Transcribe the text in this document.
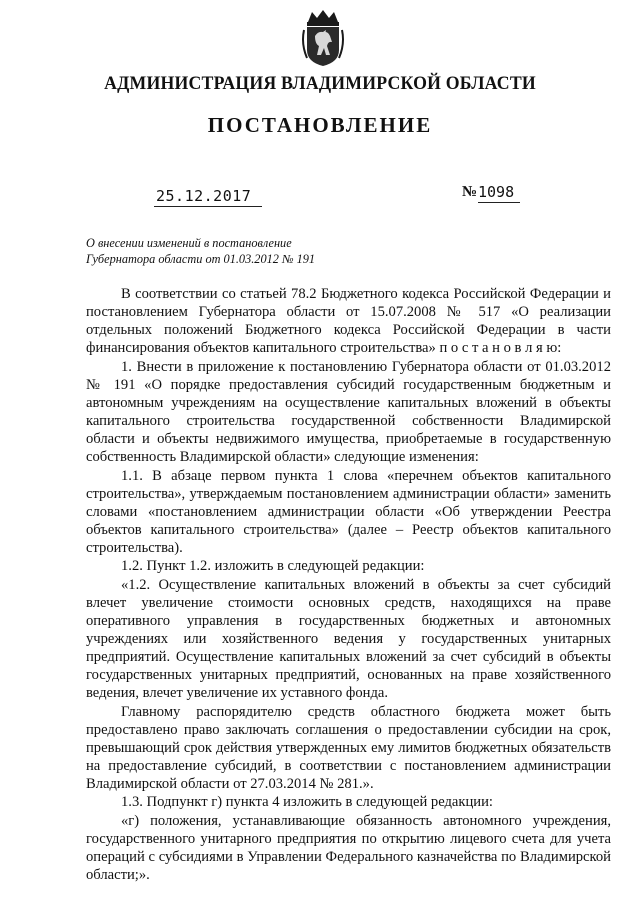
АДМИНИСТРАЦИЯ ВЛАДИМИРСКОЙ ОБЛАСТИ
ПОСТАНОВЛЕНИЕ
25.12.2017	№ 1098
О внесении изменений в постановление
Губернатора области от 01.03.2012 № 191

В соответствии со статьей 78.2 Бюджетного кодекса Российской Федерации и постановлением Губернатора области от 15.07.2008 № 517 «О реализации отдельных положений Бюджетного кодекса Российской Федерации в части финансирования объектов капитального строительства» п о с т а н о в л я ю:

1. Внести в приложение к постановлению Губернатора области от 01.03.2012 № 191 «О порядке предоставления субсидий государственным бюджетным и автономным учреждениям на осуществление капитальных вложений в объекты капитального строительства государственной собственности Владимирской области и объекты недвижимого имущества, приобретаемые в государственную собственность Владимирской области» следующие изменения:

1.1. В абзаце первом пункта 1 слова «перечнем объектов капитального строительства», утверждаемым постановлением администрации области» заменить словами «постановлением администрации области «Об утверждении Реестра объектов капитального строительства» (далее – Реестр объектов капитального строительства).

1.2. Пункт 1.2. изложить в следующей редакции:

«1.2. Осуществление капитальных вложений в объекты за счет субсидий влечет увеличение стоимости основных средств, находящихся на праве оперативного управления в государственных бюджетных и автономных учреждениях или хозяйственного ведения у государственных унитарных предприятий. Осуществление капитальных вложений за счет субсидий в объекты государственных унитарных предприятий, основанных на праве хозяйственного ведения, влечет увеличение их уставного фонда.

Главному распорядителю средств областного бюджета может быть предоставлено право заключать соглашения о предоставлении субсидии на срок, превышающий срок действия утвержденных ему лимитов бюджетных обязательств на предоставление субсидий, в соответствии с постановлением администрации Владимирской области от 27.03.2014 № 281.».

1.3. Подпункт г) пункта 4 изложить в следующей редакции:

«г) положения, устанавливающие обязанность автономного учреждения, государственного унитарного предприятия по открытию лицевого счета для учета операций с субсидиями в Управлении Федерального казначейства по Владимирской области;».
